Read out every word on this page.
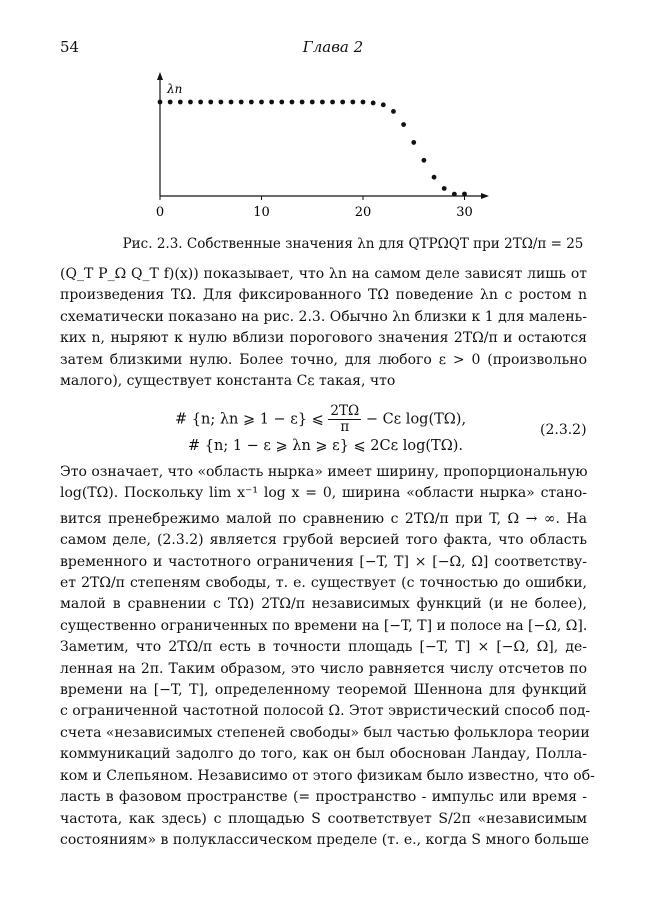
54	Глава 2
λn
0	10	20	30
Рис. 2.3. Собственные значения λn для QTPΩQT при 2TΩ/π = 25
(Q_T P_Ω Q_T f)(x)) показывает, что λn на самом деле зависят лишь от
произведения TΩ. Для фиксированного TΩ поведение λn с ростом n
схематически показано на рис. 2.3. Обычно λn близки к 1 для малень-
ких n, ныряют к нулю вблизи порогового значения 2TΩ/π и остаются
затем близкими нулю. Более точно, для любого ε > 0 (произвольно
малого), существует константа Cε такая, что
# {n; λn ⩾ 1 − ε} ⩽ $\frac{2T\Omega}{\pi} - C\varepsilon$ log(TΩ),
# {n; 1 − ε ⩾ λn ⩾ ε} ⩽ 2Cε log(TΩ).
(2.3.2)
Это означает, что «область нырка» имеет ширину, пропорциональную
log(TΩ). Поскольку lim x⁻¹ log x = 0, ширина «области нырка» стано-
вится пренебрежимо малой по сравнению с 2TΩ/π при T, Ω → ∞. На
самом деле, (2.3.2) является грубой версией того факта, что область
временного и частотного ограничения [−T, T] × [−Ω, Ω] соответству-
ет 2TΩ/π степеням свободы, т. е. существует (с точностью до ошибки,
малой в сравнении с TΩ) 2TΩ/π независимых функций (и не более),
существенно ограниченных по времени на [−T, T] и полосе на [−Ω, Ω].
Заметим, что 2TΩ/π есть в точности площадь [−T, T] × [−Ω, Ω], де-
ленная на 2π. Таким образом, это число равняется числу отсчетов по
времени на [−T, T], определенному теоремой Шеннона для функций
с ограниченной частотной полосой Ω. Этот эвристический способ под-
счета «независимых степеней свободы» был частью фольклора теории
коммуникаций задолго до того, как он был обоснован Ландау, Полла-
ком и Слепьяном. Независимо от этого физикам было известно, что об-
ласть в фазовом пространстве (= пространство - импульс или время -
частота, как здесь) с площадью S соответствует S/2π «независимым
состояниям» в полуклассическом пределе (т. е., когда S много больше
